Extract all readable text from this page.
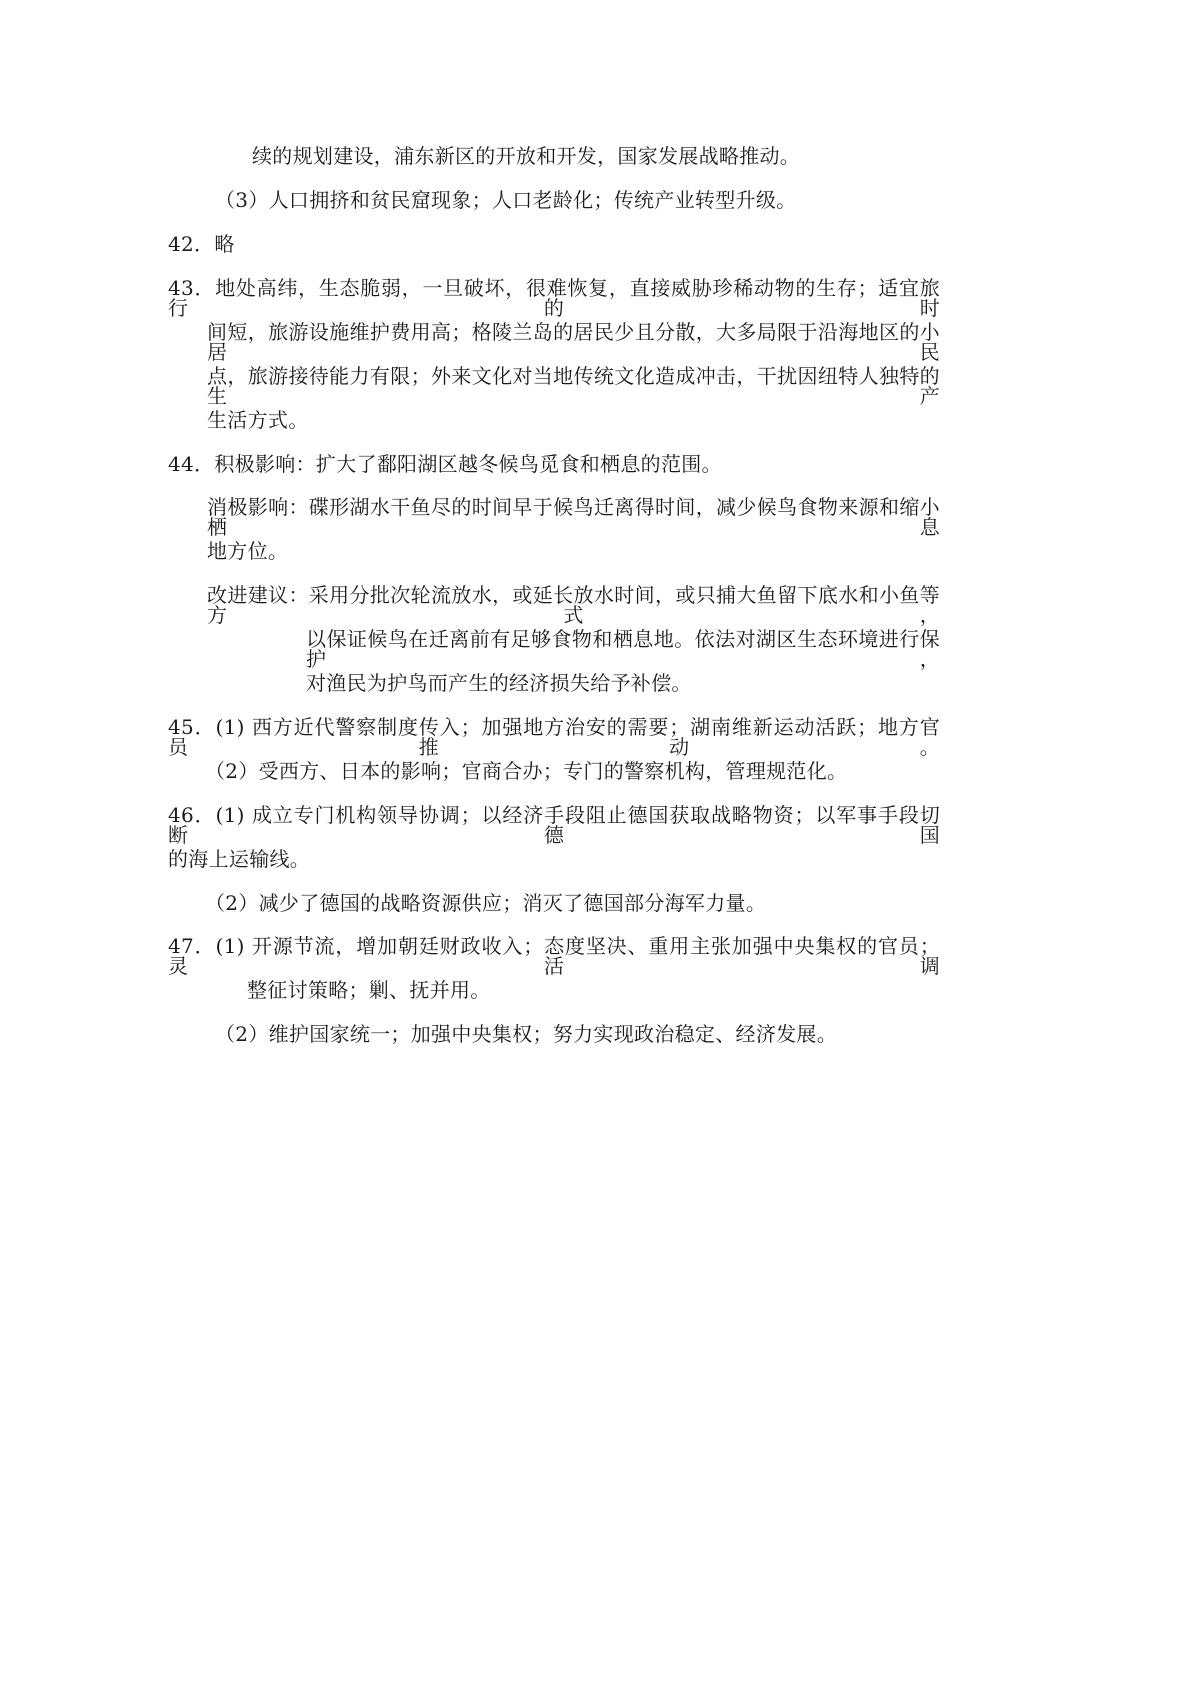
续的规划建设，浦东新区的开放和开发，国家发展战略推动。
（3）人口拥挤和贫民窟现象；人口老龄化；传统产业转型升级。
42．略
43．地处高纬，生态脆弱，一旦破坏，很难恢复，直接威胁珍稀动物的生存；适宜旅行的时
间短，旅游设施维护费用高；格陵兰岛的居民少且分散，大多局限于沿海地区的小居民
点，旅游接待能力有限；外来文化对当地传统文化造成冲击，干扰因纽特人独特的生产
生活方式。
44．积极影响：扩大了鄱阳湖区越冬候鸟觅食和栖息的范围。
消极影响：碟形湖水干鱼尽的时间早于候鸟迁离得时间，减少候鸟食物来源和缩小栖息
地方位。
改进建议：采用分批次轮流放水，或延长放水时间，或只捕大鱼留下底水和小鱼等方式，
以保证候鸟在迁离前有足够食物和栖息地。依法对湖区生态环境进行保护，
对渔民为护鸟而产生的经济损失给予补偿。
45．(1) 西方近代警察制度传入；加强地方治安的需要；湖南维新运动活跃；地方官员推动。
（2）受西方、日本的影响；官商合办；专门的警察机构，管理规范化。
46．(1) 成立专门机构领导协调；以经济手段阻止德国获取战略物资；以军事手段切断德国
的海上运输线。
（2）减少了德国的战略资源供应；消灭了德国部分海军力量。
47．(1) 开源节流，增加朝廷财政收入；态度坚决、重用主张加强中央集权的官员；灵活调
整征讨策略；剿、抚并用。
（2）维护国家统一；加强中央集权；努力实现政治稳定、经济发展。
